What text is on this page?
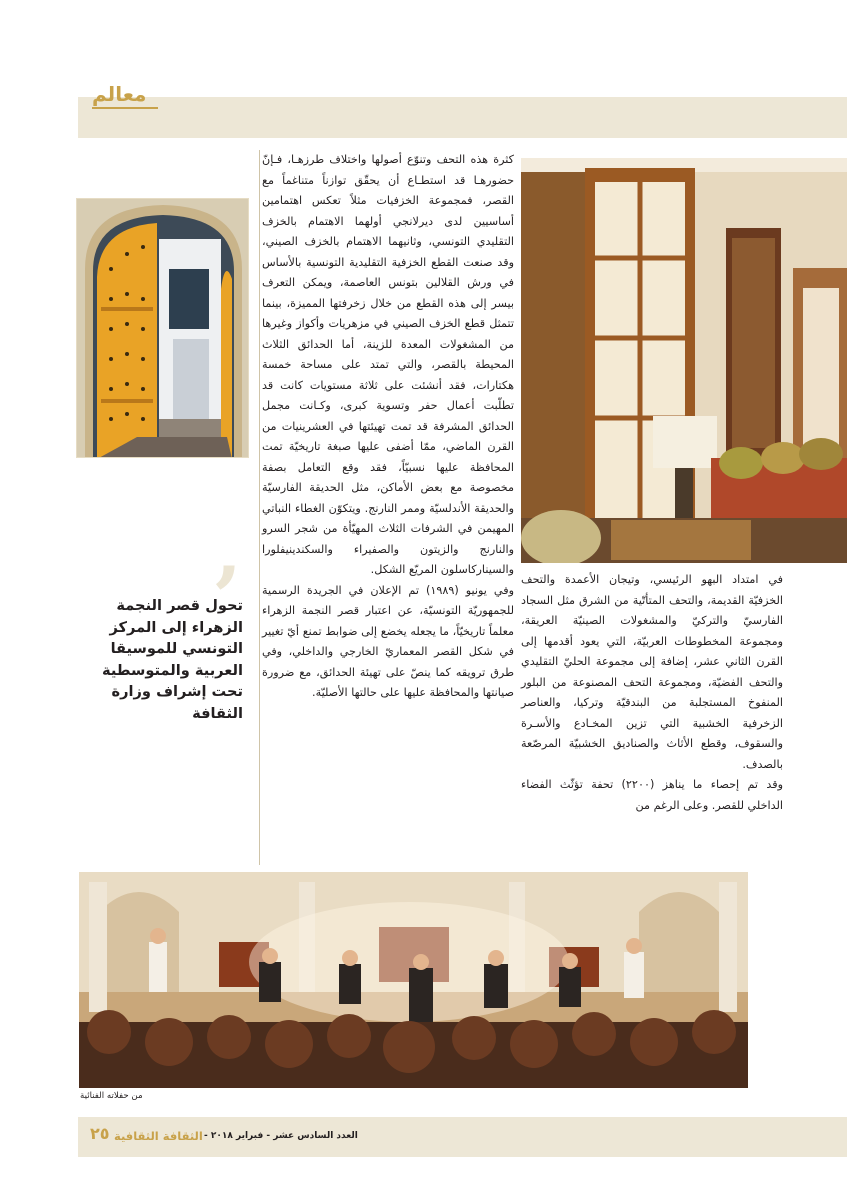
معالم

كثرة هذه التحف وتنوّع أصولها واختلاف طرزهـا، فـإنّ حضورهـا قد استطـاع أن يحقّق توازناً متناغماً مع القصر، فمجموعة الخزفيات مثلاً تعكس اهتمامين أساسيين لدى ديرلانجي أولهما الاهتمام بالخزف التقليدي التونسي، وثانيهما الاهتمام بالخزف الصيني، وقد صنعت القطع الخزفية التقليدية التونسية بالأساس في ورش القلالين بتونس العاصمة، ويمكن التعرف بيسر إلى هذه القطع من خلال زخرفتها المميزة، بينما تتمثل قطع الخزف الصيني في مزهريات وأكواز وغيرها من المشغولات المعدة للزينة، أما الحدائق الثلاث المحيطة بالقصر، والتي تمتد على مساحة خمسة هكتارات، فقد أنشئت على ثلاثة مستويات كانت قد تطلّبت أعمال حفر وتسوية كبرى، وكـانت مجمل الحدائق المشرفة قد تمت تهيئتها في العشرينيات من القرن الماضي، ممّا أضفى عليها صبغة تاريخيّة تمت المحافظة عليها نسبيّاً، فقد وقع التعامل بصفة مخصوصة مع بعض الأماكن، مثل الحديقة الفارسيّة والحديقة الأندلسيّة وممر النارنج. ويتكوّن الغطاء النباتي المهيمن في الشرفات الثلاث المهيّأة من شجر السرو والنارنج والزيتون والصفيراء والسكندينيفلورا والسيناركاسلون المريّع الشكل.

وفي يونيو (١٩٨٩) تم الإعلان في الجريدة الرسمية للجمهوريّة التونسيّة، عن اعتبار قصر النجمة الزهراء معلماً تاريخيّاً، ما يجعله يخضع إلى ضوابط تمنع أيّ تغيير في شكل القصر المعماريّ الخارجي والداخلي، وفي طرق ترويقه كما ينصّ على تهيئة الحدائق، مع ضرورة صيانتها والمحافظة عليها على حالتها الأصليّة.

في امتداد البهو الرئيسي، وتيجان الأعمدة والتحف الخزفيّة القديمة، والتحف المتأتّية من الشرق مثل السجاد الفارسيّ والتركيّ والمشغولات الصينيّة العريقة، ومجموعة المخطوطات العربيّة، التي يعود أقدمها إلى القرن الثاني عشر، إضافة إلى مجموعة الحليّ التقليدي والتحف الفضيّة، ومجموعة التحف المصنوعة من البلور المنفوخ المستجلبة من البندقيّة وتركيا، والعناصر الزخرفية الخشبية التي تزين المخـادع والأسـرة والسقوف، وقطع الأثاث والصناديق الخشبيّة المرصّعة بالصدف.

وقد تم إحصاء ما يناهز (٢٢٠٠) تحفة تؤثّث الفضاء الداخلي للقصر. وعلى الرغم من

’
تحول قصر النجمة الزهراء إلى المركز التونسي للموسيقا العربية والمتوسطية تحت إشراف وزارة الثقافة
من حفلاته الفنائية
٢٥ الثقافة الثقافية العدد السادس عشر - فبراير ٢٠١٨ -
